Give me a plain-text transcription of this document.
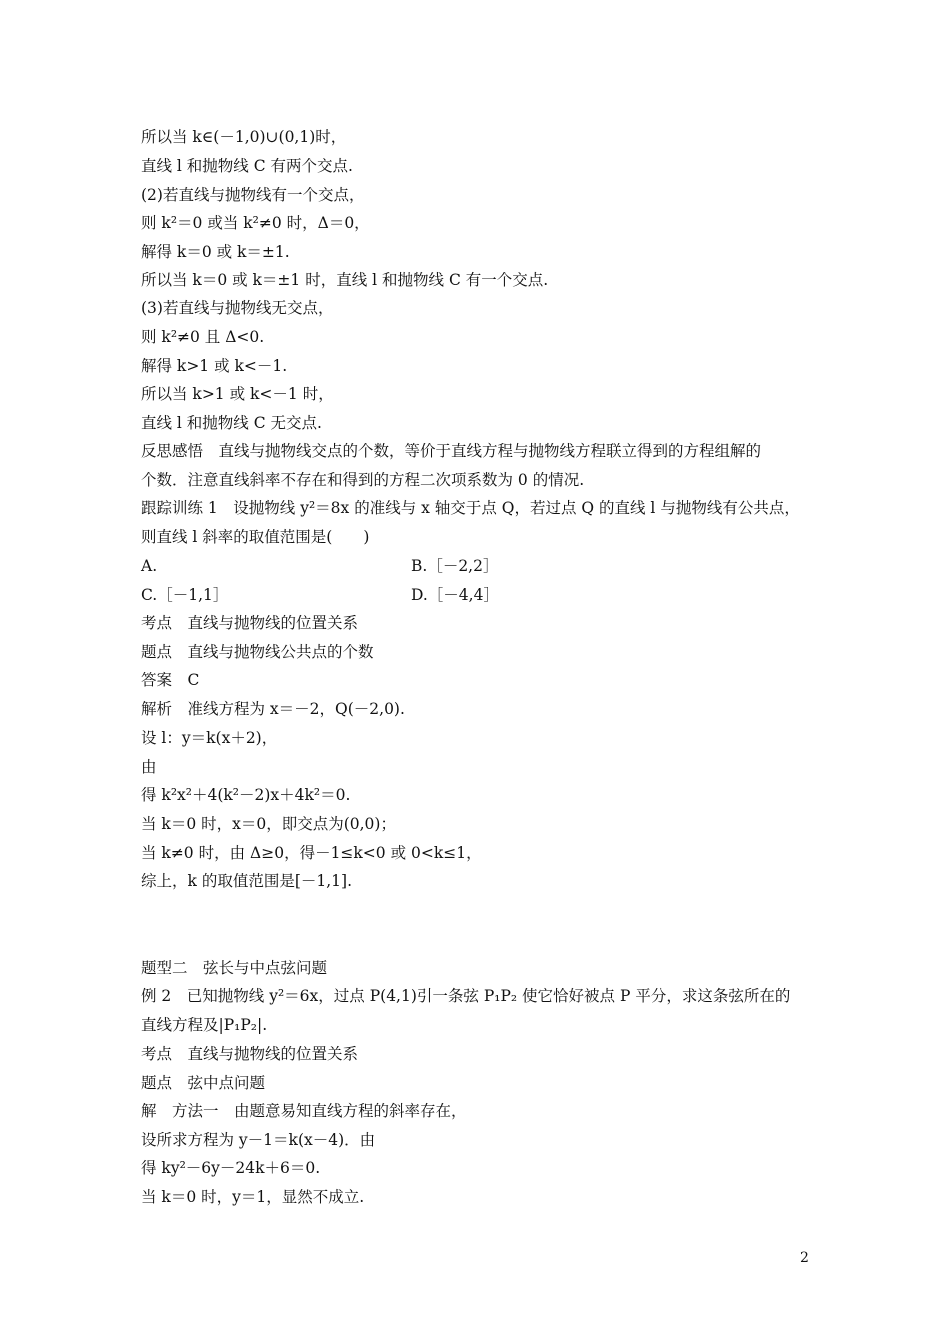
所以当 k∈(－1,0)∪(0,1)时，
直线 l 和抛物线 C 有两个交点.
(2)若直线与抛物线有一个交点，
则 k²＝0 或当 k²≠0 时，Δ＝0，
解得 k＝0 或 k＝±1.
所以当 k＝0 或 k＝±1 时，直线 l 和抛物线 C 有一个交点.
(3)若直线与抛物线无交点，
则 k²≠0 且 Δ<0.
解得 k>1 或 k<－1.
所以当 k>1 或 k<－1 时，
直线 l 和抛物线 C 无交点.
反思感悟　直线与抛物线交点的个数，等价于直线方程与抛物线方程联立得到的方程组解的
个数．注意直线斜率不存在和得到的方程二次项系数为 0 的情况.
跟踪训练 1　设抛物线 y²＝8x 的准线与 x 轴交于点 Q，若过点 Q 的直线 l 与抛物线有公共点，
则直线 l 斜率的取值范围是(　　)
A.	B.［－2,2］
C.［－1,1］	D.［－4,4］
考点　直线与抛物线的位置关系
题点　直线与抛物线公共点的个数
答案　C
解析　准线方程为 x＝－2，Q(－2,0).
设 l：y＝k(x＋2)，
由
得 k²x²＋4(k²－2)x＋4k²＝0.
当 k＝0 时，x＝0，即交点为(0,0)；
当 k≠0 时，由 Δ≥0，得－1≤k<0 或 0<k≤1，
综上，k 的取值范围是[－1,1].
题型二　弦长与中点弦问题
例 2　已知抛物线 y²＝6x，过点 P(4,1)引一条弦 P₁P₂ 使它恰好被点 P 平分，求这条弦所在的
直线方程及|P₁P₂|.
考点　直线与抛物线的位置关系
题点　弦中点问题
解　方法一　由题意易知直线方程的斜率存在，
设所求方程为 y－1＝k(x－4)．由
得 ky²－6y－24k＋6＝0.
当 k＝0 时，y＝1，显然不成立.
2
